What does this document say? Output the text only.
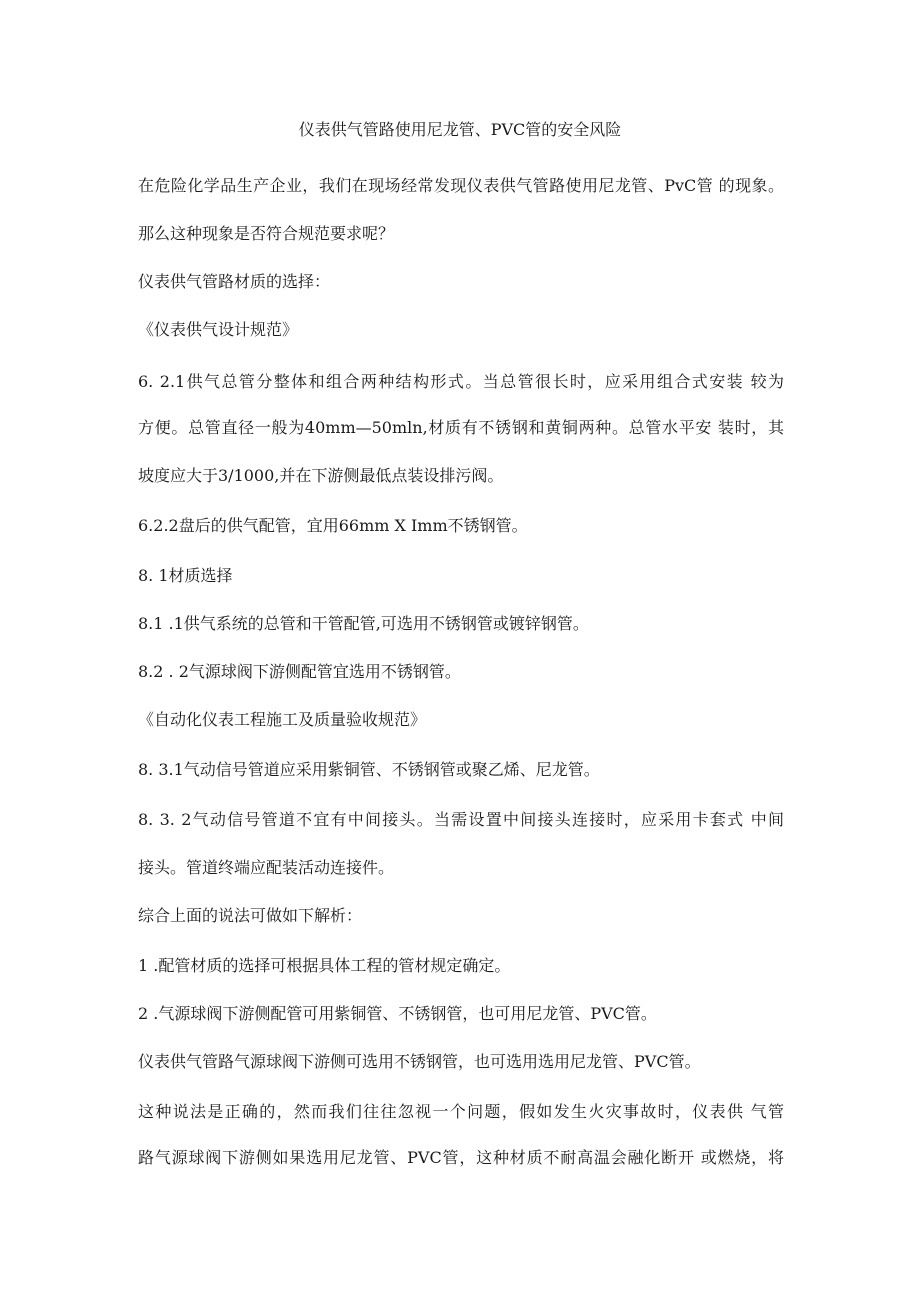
仪表供气管路使用尼龙管、PVC管的安全风险
在危险化学品生产企业，我们在现场经常发现仪表供气管路使用尼龙管、PvC管 的现象。
那么这种现象是否符合规范要求呢？
仪表供气管路材质的选择：
《仪表供气设计规范》
6. 2.1供气总管分整体和组合两种结构形式。当总管很长时，应采用组合式安装 较为
方便。总管直径一般为40mm—50mln,材质有不锈钢和黄铜两种。总管水平安 装时，其
坡度应大于3/1000,并在下游侧最低点装设排污阀。
6.2.2盘后的供气配管，宜用66mm X Imm不锈钢管。
8. 1材质选择
8.1 .1供气系统的总管和干管配管,可选用不锈钢管或镀锌钢管。
8.2 . 2气源球阀下游侧配管宜选用不锈钢管。
《自动化仪表工程施工及质量验收规范》
8. 3.1气动信号管道应采用紫铜管、不锈钢管或聚乙烯、尼龙管。
8. 3. 2气动信号管道不宜有中间接头。当需设置中间接头连接时，应采用卡套式 中间
接头。管道终端应配装活动连接件。
综合上面的说法可做如下解析：
1 .配管材质的选择可根据具体工程的管材规定确定。
2 .气源球阀下游侧配管可用紫铜管、不锈钢管，也可用尼龙管、PVC管。
仪表供气管路气源球阀下游侧可选用不锈钢管，也可选用选用尼龙管、PVC管。
这种说法是正确的，然而我们往往忽视一个问题，假如发生火灾事故时，仪表供 气管
路气源球阀下游侧如果选用尼龙管、PVC管，这种材质不耐高温会融化断开 或燃烧，将
